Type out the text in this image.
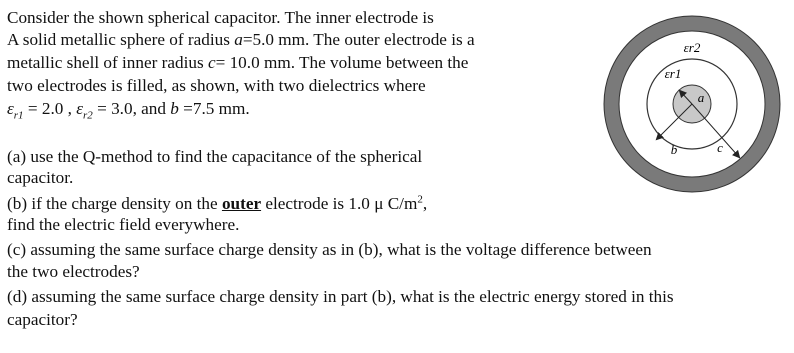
Consider the shown spherical capacitor. The inner electrode is
A solid metallic sphere of radius a=5.0 mm. The outer electrode is a
metallic shell of inner radius c= 10.0 mm. The volume between the
two electrodes is filled, as shown, with two dielectrics where
$\varepsilon_{r1} = 2.0$ , $\varepsilon_{r2} = 3.0$, and b =7.5 mm.
(a) use the Q-method to find the capacitance of the spherical
capacitor.
(b) if the charge density on the outer electrode is 1.0 μ $C/m^2$,
find the electric field everywhere.
(c) assuming the same surface charge density as in (b), what is the voltage difference between
the two electrodes?
(d) assuming the same surface charge density in part (b), what is the electric energy stored in this
capacitor?
εr2
εr1
a
b	c
